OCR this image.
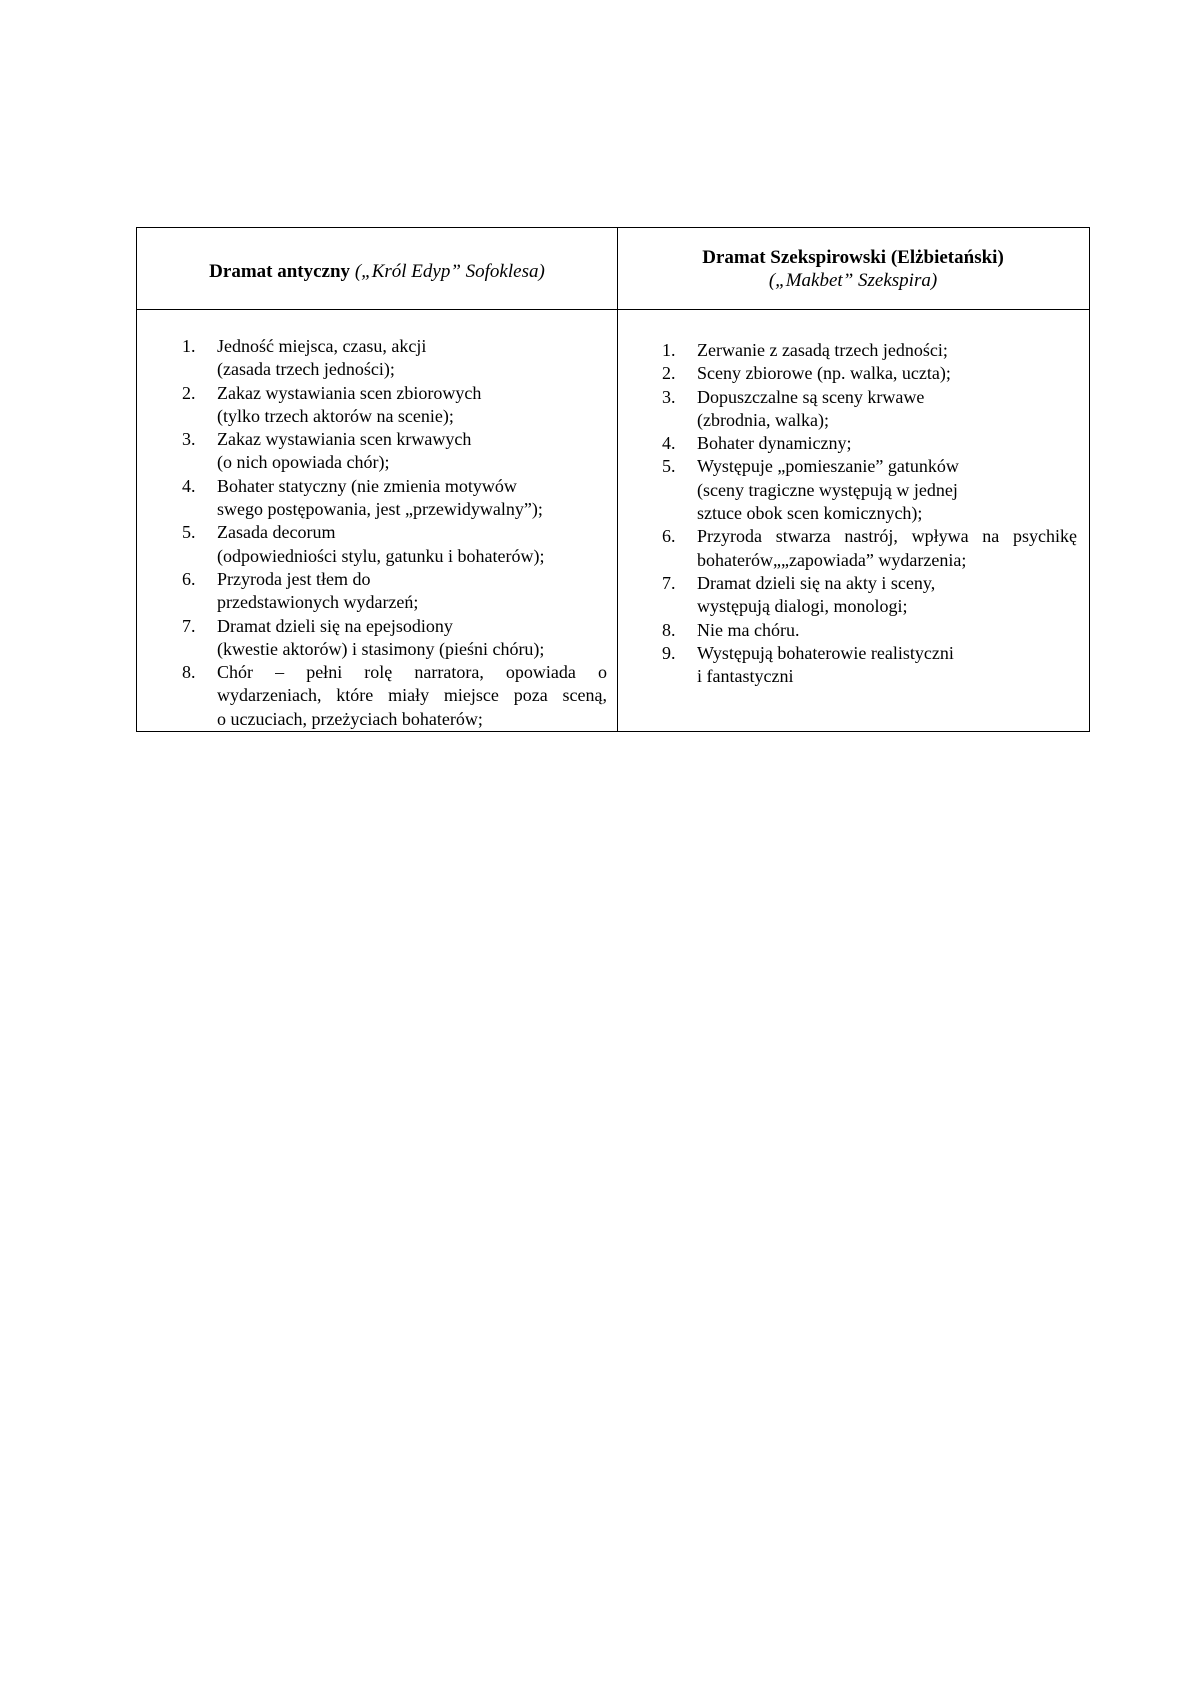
Dramat antyczny („Król Edyp” Sofoklesa)
Dramat Szekspirowski (Elżbietański)
(„Makbet” Szekspira)
1. Jedność miejsca, czasu, akcji
(zasada trzech jedności);
2. Zakaz wystawiania scen zbiorowych
(tylko trzech aktorów na scenie);
3. Zakaz wystawiania scen krwawych
(o nich opowiada chór);
4. Bohater statyczny (nie zmienia motywów
swego postępowania, jest „przewidywalny”);
5. Zasada decorum
(odpowiedniości stylu, gatunku i bohaterów);
6. Przyroda jest tłem do
przedstawionych wydarzeń;
7. Dramat dzieli się na epejsodiony
(kwestie aktorów) i stasimony (pieśni chóru);
8. Chór – pełni rolę narratora, opowiada o
wydarzeniach, które miały miejsce poza sceną,
o uczuciach, przeżyciach bohaterów;
1. Zerwanie z zasadą trzech jedności;
2. Sceny zbiorowe (np. walka, uczta);
3. Dopuszczalne są sceny krwawe
(zbrodnia, walka);
4. Bohater dynamiczny;
5. Występuje „pomieszanie” gatunków
(sceny tragiczne występują w jednej
sztuce obok scen komicznych);
6. Przyroda stwarza nastrój, wpływa na psychikę
bohaterów„„zapowiada” wydarzenia;
7. Dramat dzieli się na akty i sceny,
występują dialogi, monologi;
8. Nie ma chóru.
9. Występują bohaterowie realistyczni
i fantastyczni
